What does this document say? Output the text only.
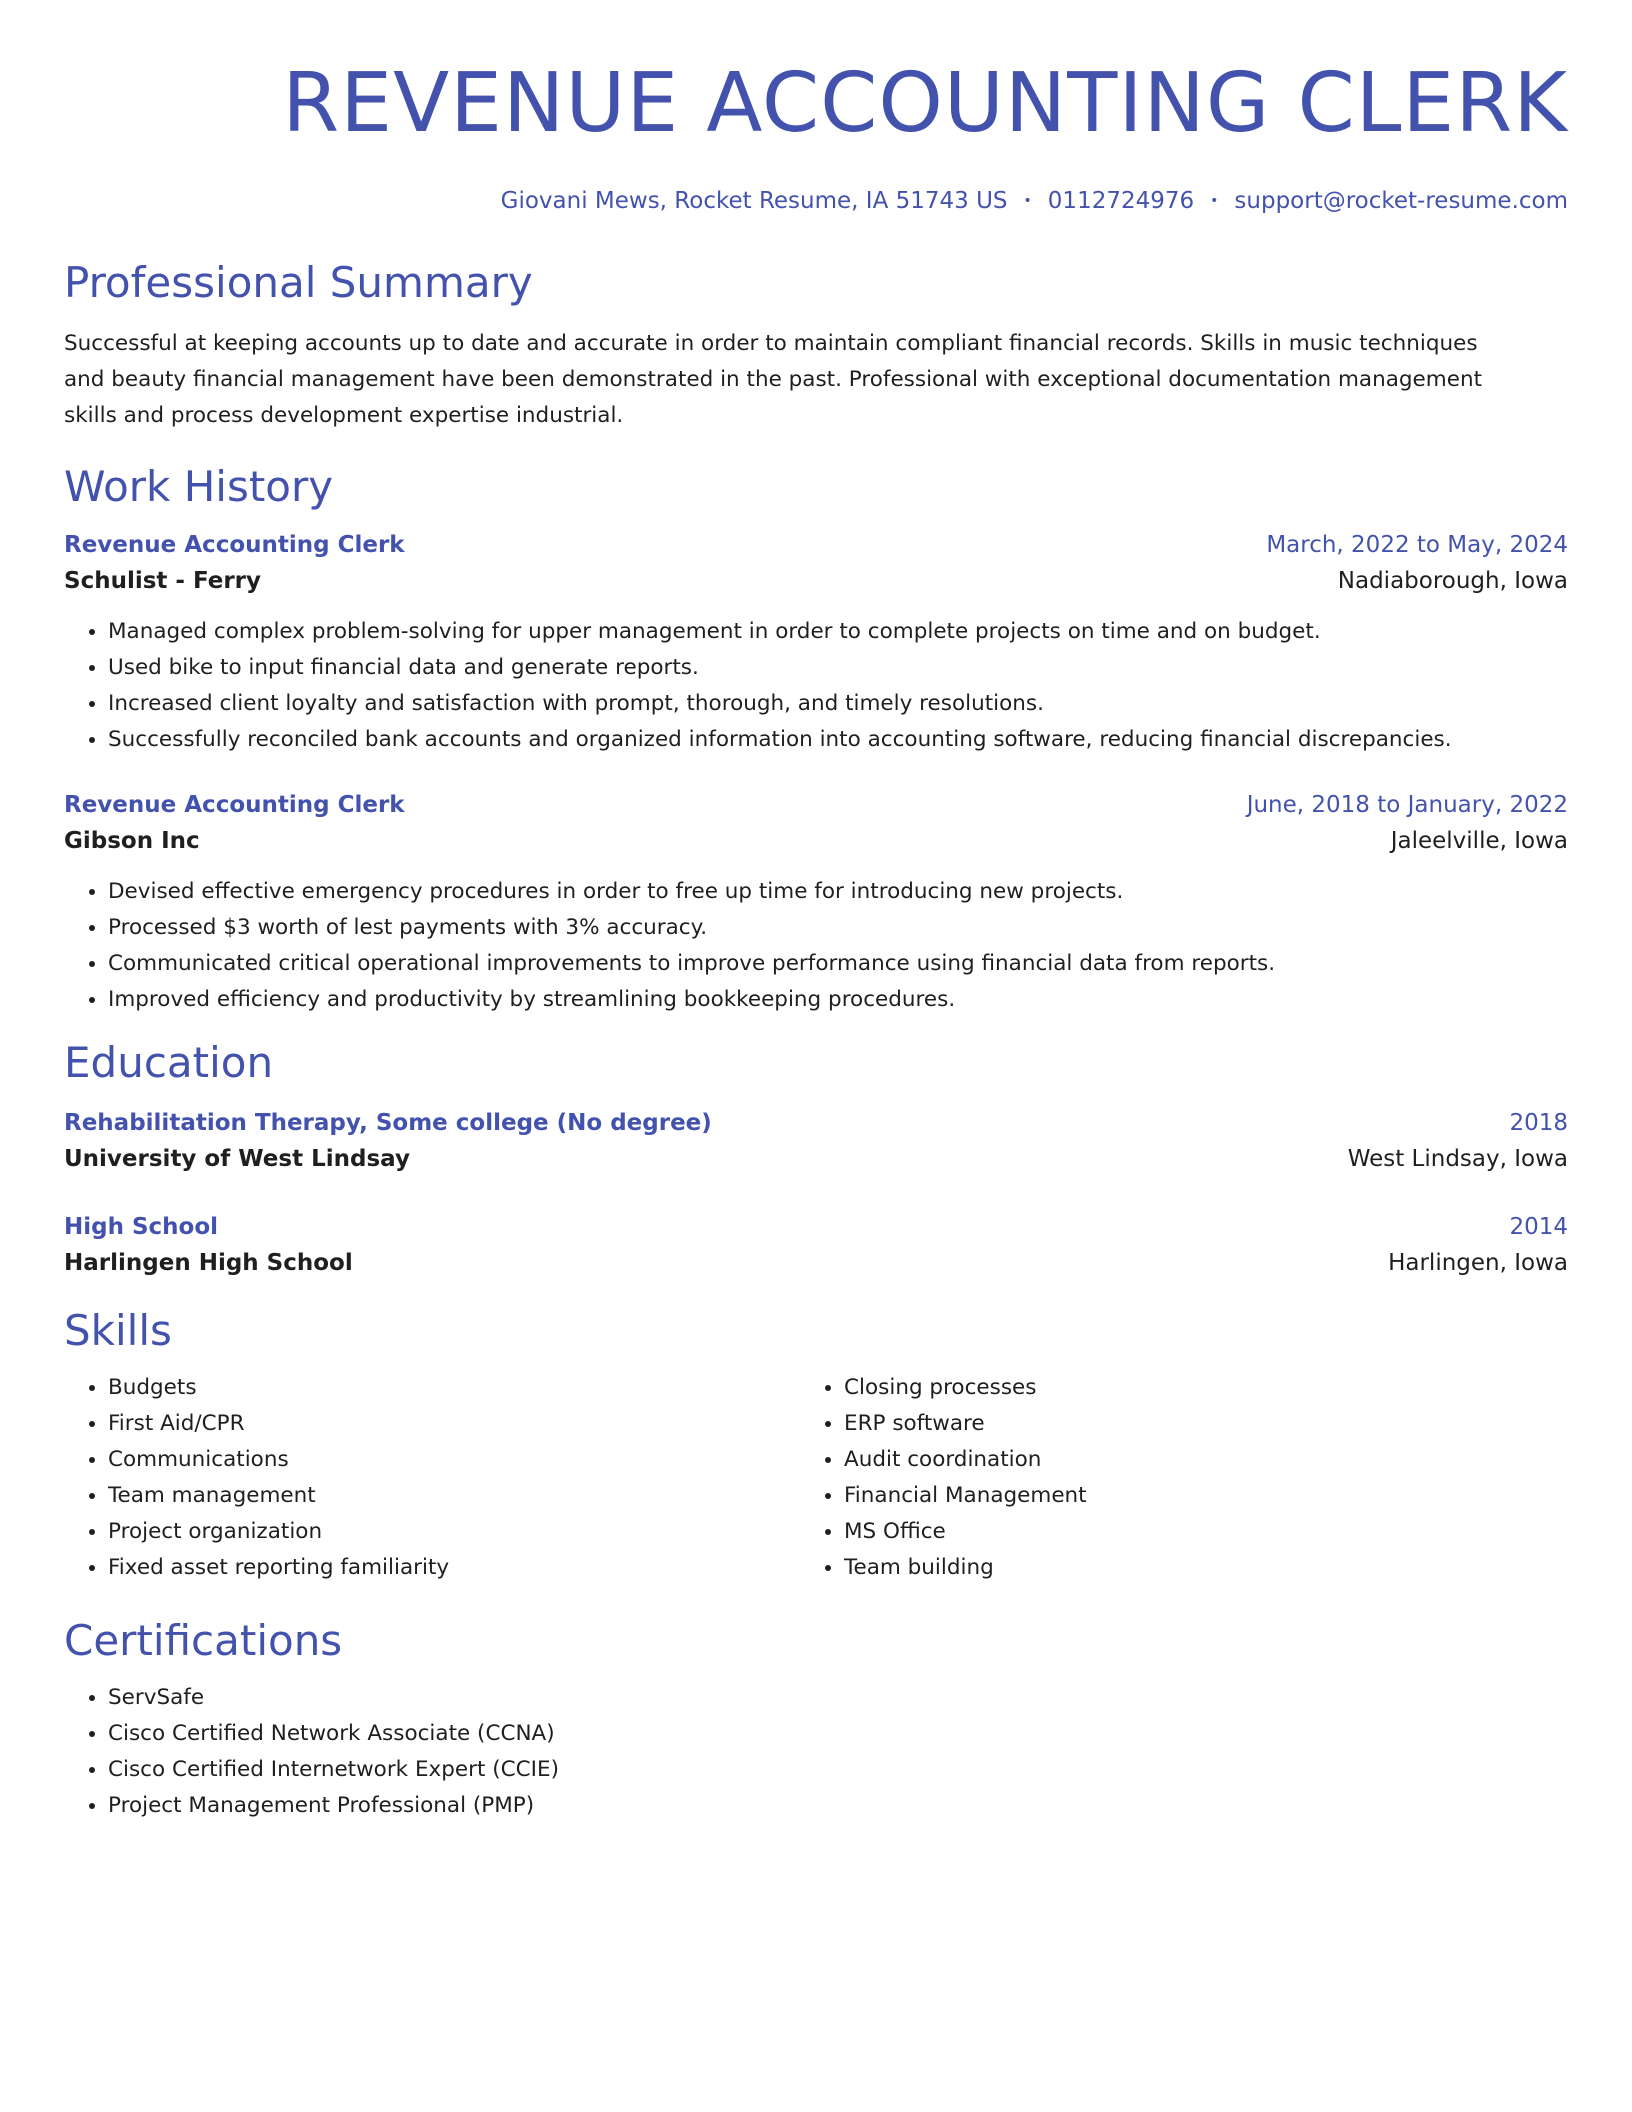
REVENUE ACCOUNTING CLERK
Giovani Mews, Rocket Resume, IA 51743 US • 0112724976 • support@rocket-resume.com
Professional Summary
Successful at keeping accounts up to date and accurate in order to maintain compliant financial records. Skills in music techniques and beauty financial management have been demonstrated in the past. Professional with exceptional documentation management skills and process development expertise industrial.
Work History
Revenue Accounting Clerk	March, 2022 to May, 2024
Schulist - Ferry	Nadiaborough, Iowa
• Managed complex problem-solving for upper management in order to complete projects on time and on budget.
• Used bike to input financial data and generate reports.
• Increased client loyalty and satisfaction with prompt, thorough, and timely resolutions.
• Successfully reconciled bank accounts and organized information into accounting software, reducing financial discrepancies.
Revenue Accounting Clerk	June, 2018 to January, 2022
Gibson Inc	Jaleelville, Iowa
• Devised effective emergency procedures in order to free up time for introducing new projects.
• Processed $3 worth of lest payments with 3% accuracy.
• Communicated critical operational improvements to improve performance using financial data from reports.
• Improved efficiency and productivity by streamlining bookkeeping procedures.
Education
Rehabilitation Therapy, Some college (No degree)	2018
University of West Lindsay	West Lindsay, Iowa
High School	2014
Harlingen High School	Harlingen, Iowa
Skills
• Budgets
• First Aid/CPR
• Communications
• Team management
• Project organization
• Fixed asset reporting familiarity
• Closing processes
• ERP software
• Audit coordination
• Financial Management
• MS Office
• Team building
Certifications
• ServSafe
• Cisco Certified Network Associate (CCNA)
• Cisco Certified Internetwork Expert (CCIE)
• Project Management Professional (PMP)
